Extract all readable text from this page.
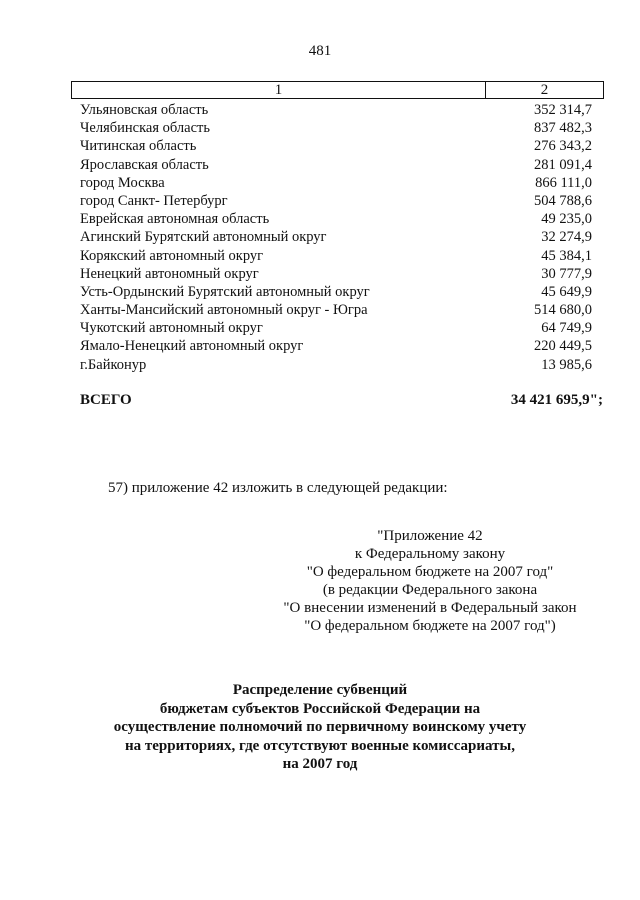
481
1	2
Ульяновская область	352 314,7
Челябинская область	837 482,3
Читинская область	276 343,2
Ярославская область	281 091,4
город Москва	866 111,0
город Санкт- Петербург	504 788,6
Еврейская автономная область	49 235,0
Агинский Бурятский автономный округ	32 274,9
Корякский автономный округ	45 384,1
Ненецкий автономный округ	30 777,9
Усть-Ордынский Бурятский автономный округ	45 649,9
Ханты-Мансийский автономный округ - Югра	514 680,0
Чукотский автономный округ	64 749,9
Ямало-Ненецкий автономный округ	220 449,5
г.Байконур	13 985,6
ВСЕГО	34 421 695,9";
57) приложение 42 изложить в следующей редакции:
"Приложение 42
к Федеральному закону
"О федеральном бюджете на 2007 год"
(в редакции Федерального закона
"О внесении изменений в Федеральный закон
"О федеральном бюджете на 2007 год")
Распределение субвенций
бюджетам субъектов Российской Федерации на
осуществление полномочий по первичному воинскому учету
на территориях, где отсутствуют военные комиссариаты,
на 2007 год
